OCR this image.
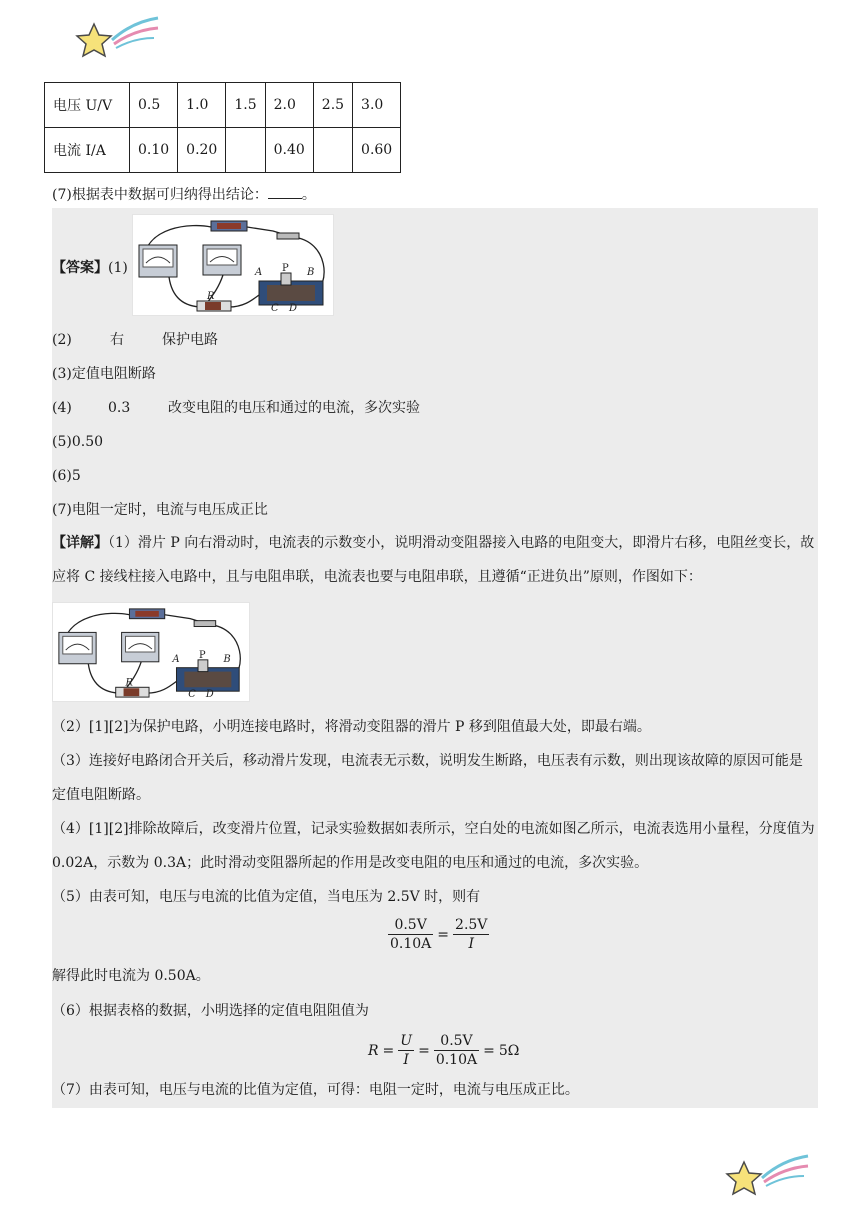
电压 U/V	0.5	1.0	1.5	2.0	2.5	3.0
电流 I/A	0.10	0.20		0.40		0.60
(7)根据表中数据可归纳得出结论： 。
【答案】(1)
R
A P B
C D
(2)	右	保护电路
(3)定值电阻断路
(4)	0.3	改变电阻的电压和通过的电流，多次实验
(5)0.50
(6)5
(7)电阻一定时，电流与电压成正比
【详解】（1）滑片 P 向右滑动时，电流表的示数变小，说明滑动变阻器接入电路的电阻变大，即滑片右移，电阻丝变长，故应将 C 接线柱接入电路中，且与电阻串联，电流表也要与电阻串联，且遵循“正进负出”原则，作图如下：
R
A P B
C D
（2）[1][2]为保护电路，小明连接电路时，将滑动变阻器的滑片 P 移到阻值最大处，即最右端。
（3）连接好电路闭合开关后，移动滑片发现，电流表无示数，说明发生断路，电压表有示数，则出现该故障的原因可能是定值电阻断路。
（4）[1][2]排除故障后，改变滑片位置，记录实验数据如表所示，空白处的电流如图乙所示，电流表选用小量程，分度值为 0.02A，示数为 0.3A；此时滑动变阻器所起的作用是改变电阻的电压和通过的电流，多次实验。
（5）由表可知，电压与电流的比值为定值，当电压为 2.5V 时，则有
$\frac{0.5V}{0.10A} = \frac{2.5V}{I}$
解得此时电流为 0.50A。
（6）根据表格的数据，小明选择的定值电阻阻值为
$R = \frac{U}{I} = \frac{0.5V}{0.10A} = 5\Omega$
（7）由表可知，电压与电流的比值为定值，可得：电阻一定时，电流与电压成正比。
